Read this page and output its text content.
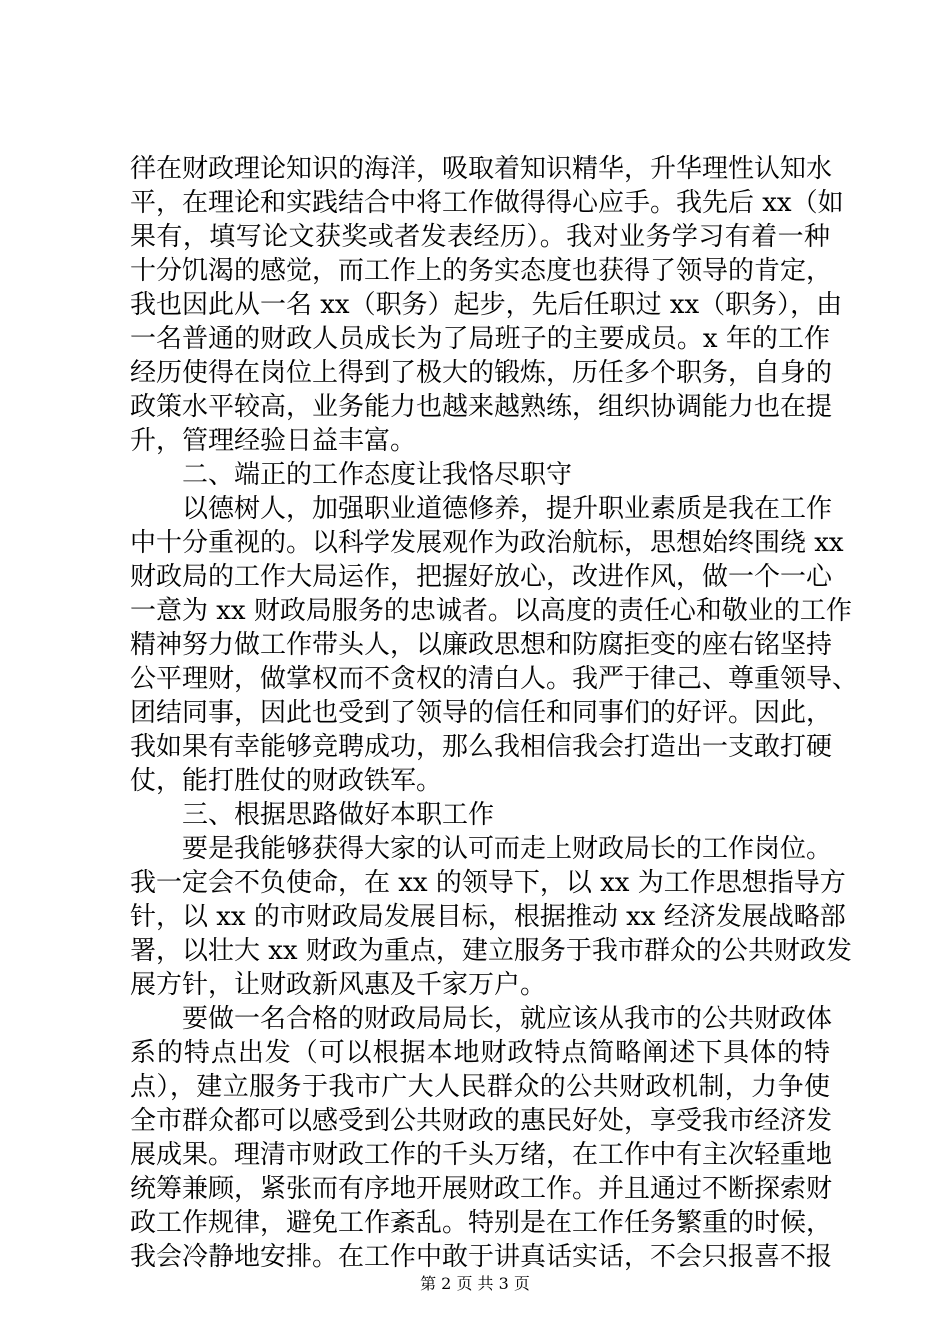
徉在财政理论知识的海洋，吸取着知识精华，升华理性认知水
平，在理论和实践结合中将工作做得得心应手。我先后 xx（如
果有，填写论文获奖或者发表经历）。我对业务学习有着一种
十分饥渴的感觉，而工作上的务实态度也获得了领导的肯定，
我也因此从一名 xx（职务）起步，先后任职过 xx（职务），由
一名普通的财政人员成长为了局班子的主要成员。x 年的工作
经历使得在岗位上得到了极大的锻炼，历任多个职务，自身的
政策水平较高，业务能力也越来越熟练，组织协调能力也在提
升，管理经验日益丰富。
二、端正的工作态度让我恪尽职守
以德树人，加强职业道德修养，提升职业素质是我在工作
中十分重视的。以科学发展观作为政治航标，思想始终围绕 xx
财政局的工作大局运作，把握好放心，改进作风，做一个一心
一意为 xx 财政局服务的忠诚者。以高度的责任心和敬业的工作
精神努力做工作带头人，以廉政思想和防腐拒变的座右铭坚持
公平理财，做掌权而不贪权的清白人。我严于律己、尊重领导、
团结同事，因此也受到了领导的信任和同事们的好评。因此，
我如果有幸能够竞聘成功，那么我相信我会打造出一支敢打硬
仗，能打胜仗的财政铁军。
三、根据思路做好本职工作
要是我能够获得大家的认可而走上财政局长的工作岗位。
我一定会不负使命，在 xx 的领导下，以 xx 为工作思想指导方
针，以 xx 的市财政局发展目标，根据推动 xx 经济发展战略部
署，以壮大 xx 财政为重点，建立服务于我市群众的公共财政发
展方针，让财政新风惠及千家万户。
要做一名合格的财政局局长，就应该从我市的公共财政体
系的特点出发（可以根据本地财政特点简略阐述下具体的特
点），建立服务于我市广大人民群众的公共财政机制，力争使
全市群众都可以感受到公共财政的惠民好处，享受我市经济发
展成果。理清市财政工作的千头万绪，在工作中有主次轻重地
统筹兼顾，紧张而有序地开展财政工作。并且通过不断探索财
政工作规律，避免工作紊乱。特别是在工作任务繁重的时候，
我会冷静地安排。在工作中敢于讲真话实话，不会只报喜不报
第 2 页 共 3 页
